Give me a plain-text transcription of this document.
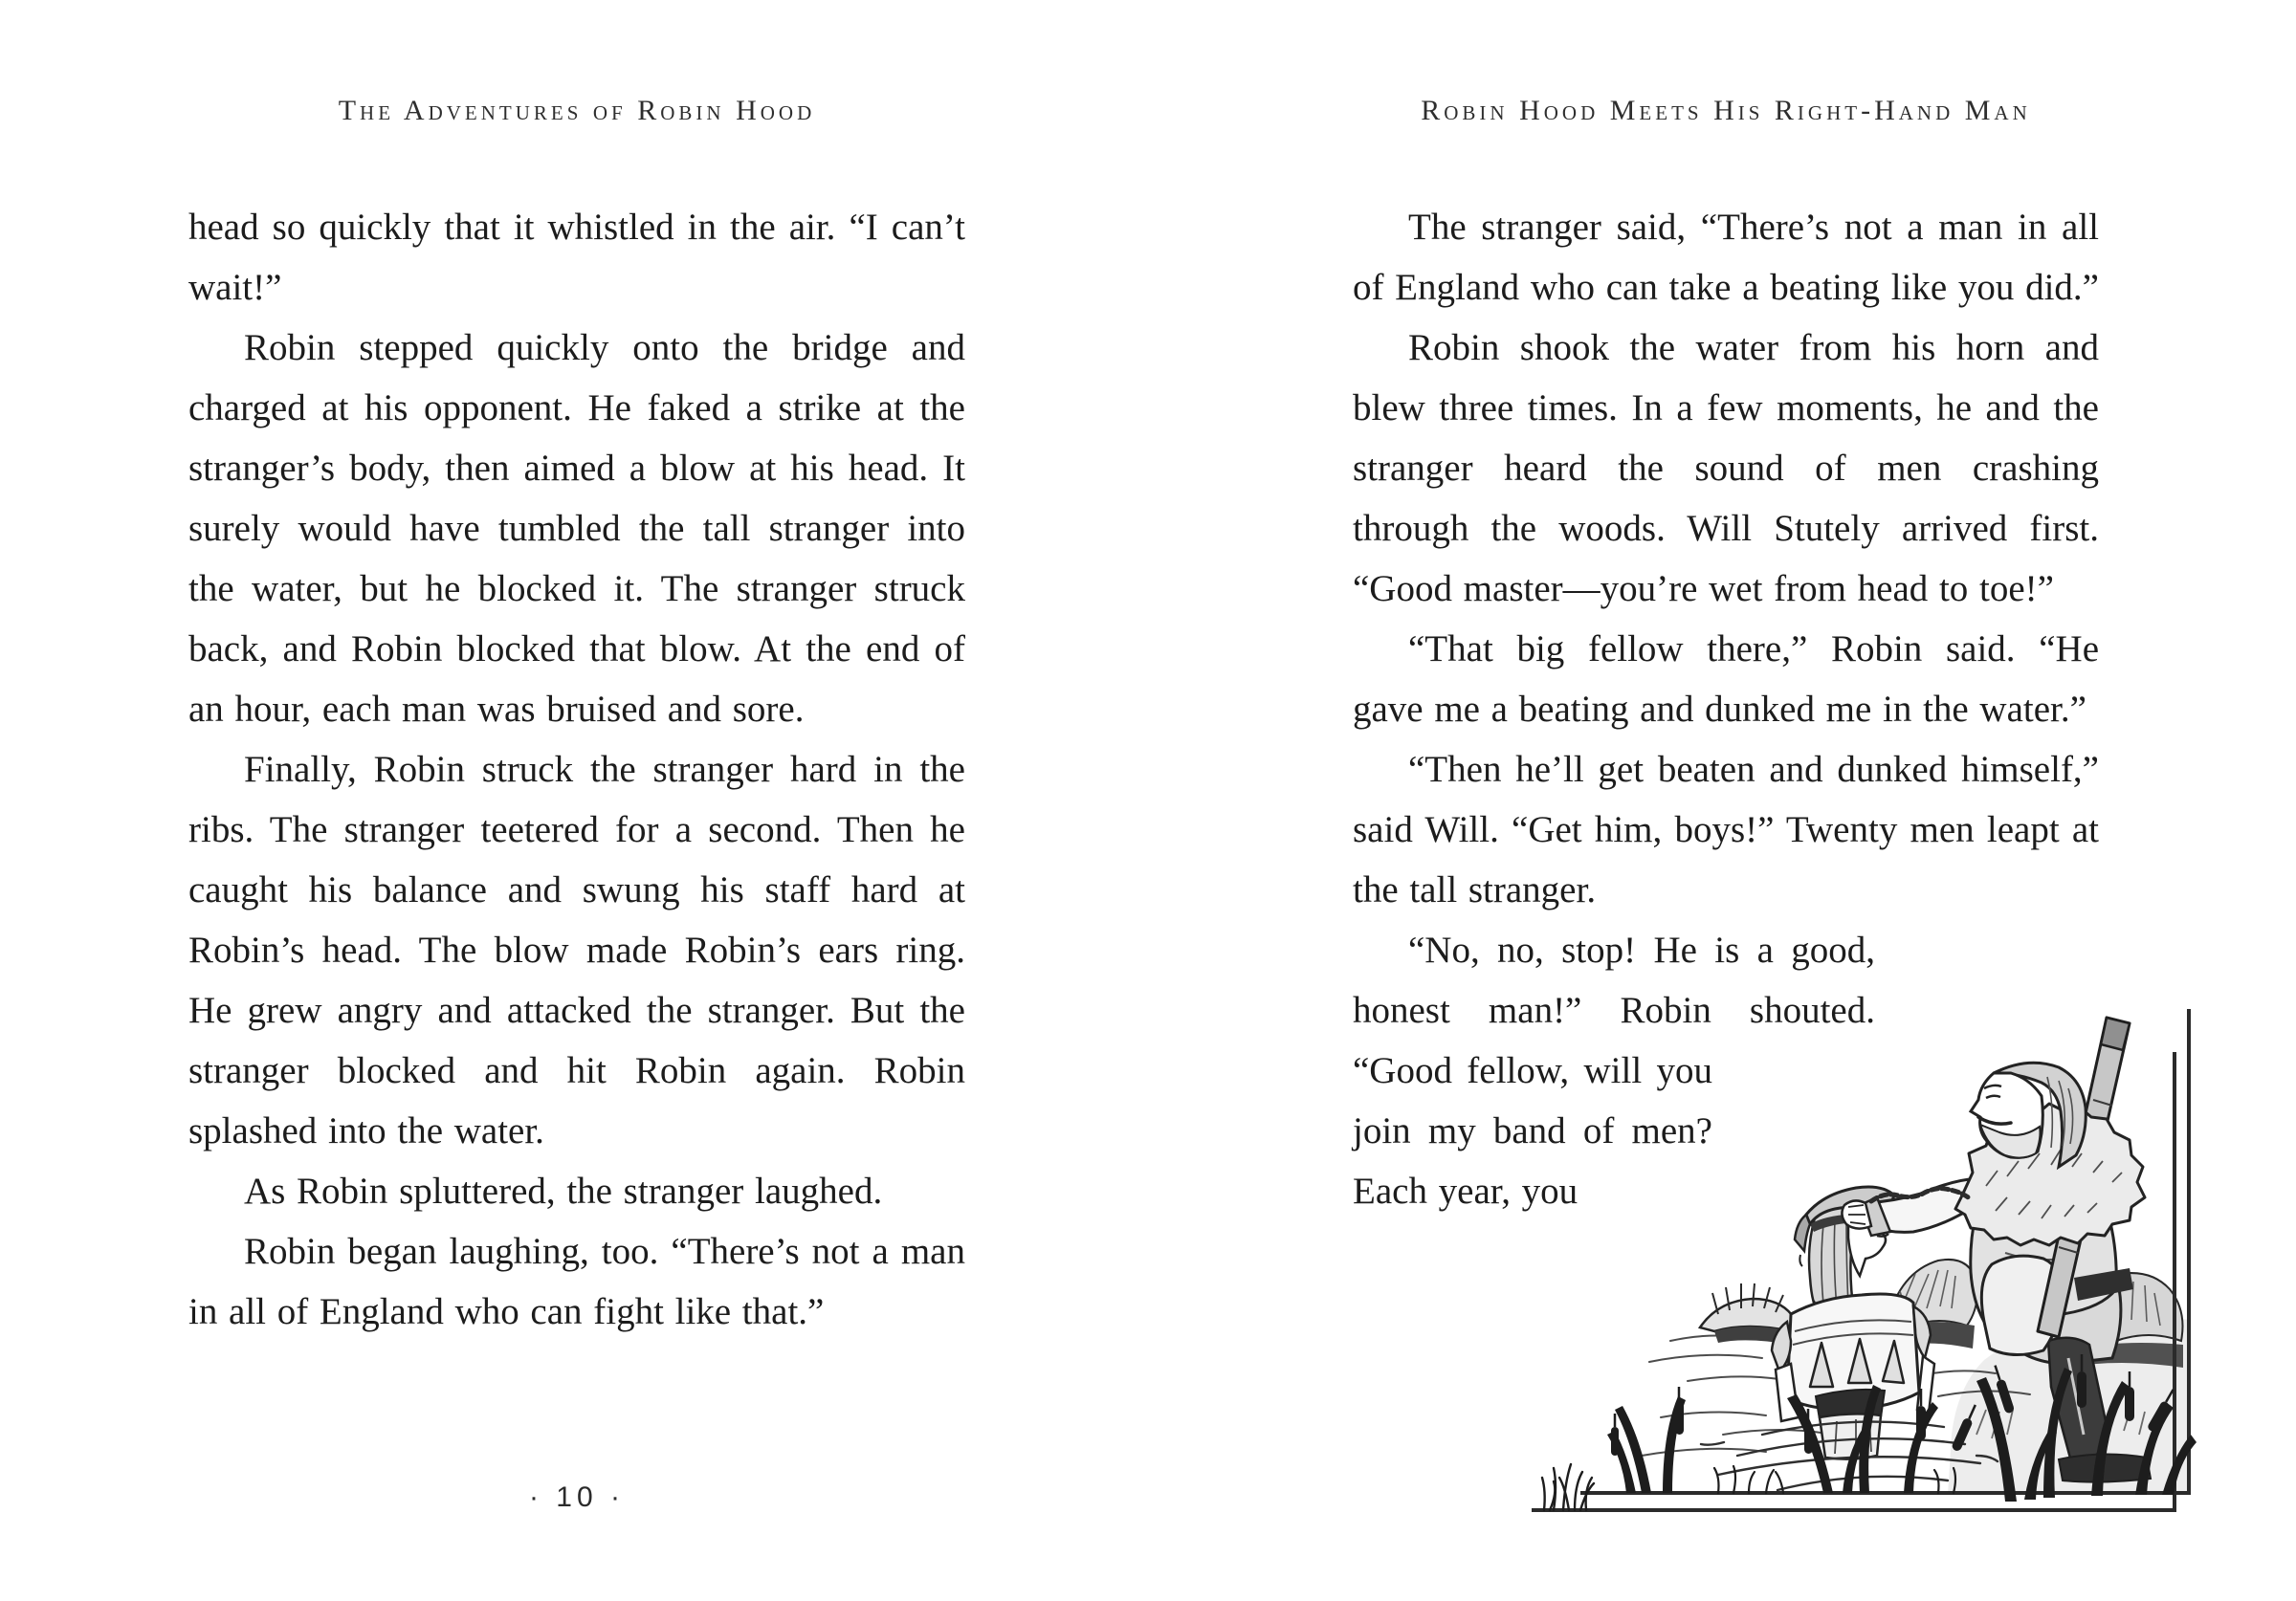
The Adventures of Robin Hood	Robin Hood Meets His Right-Hand Man

head so quickly that it whistled in the air. “I can’t wait!”

Robin stepped quickly onto the bridge and charged at his opponent. He faked a strike at the stranger’s body, then aimed a blow at his head. It surely would have tumbled the tall stranger into the water, but he blocked it. The stranger struck back, and Robin blocked that blow. At the end of an hour, each man was bruised and sore.

Finally, Robin struck the stranger hard in the ribs. The stranger teetered for a second. Then he caught his balance and swung his staff hard at Robin’s head. The blow made Robin’s ears ring. He grew angry and attacked the stranger. But the stranger blocked and hit Robin again. Robin splashed into the water.

As Robin spluttered, the stranger laughed.

Robin began laughing, too. “There’s not a man in all of England who can fight like that.”

The stranger said, “There’s not a man in all of England who can take a beating like you did.”

Robin shook the water from his horn and blew three times. In a few moments, he and the stranger heard the sound of men crashing through the woods. Will Stutely arrived first. “Good master—you’re wet from head to toe!”

“That big fellow there,” Robin said. “He gave me a beating and dunked me in the water.”

“Then he’ll get beaten and dunked himself,” said Will. “Get him, boys!” Twenty men leapt at the tall stranger.

“No, no, stop! He is a good, honest man!” Robin shouted. “Good fellow, will you join my band of men? Each year, you

· 10 ·
